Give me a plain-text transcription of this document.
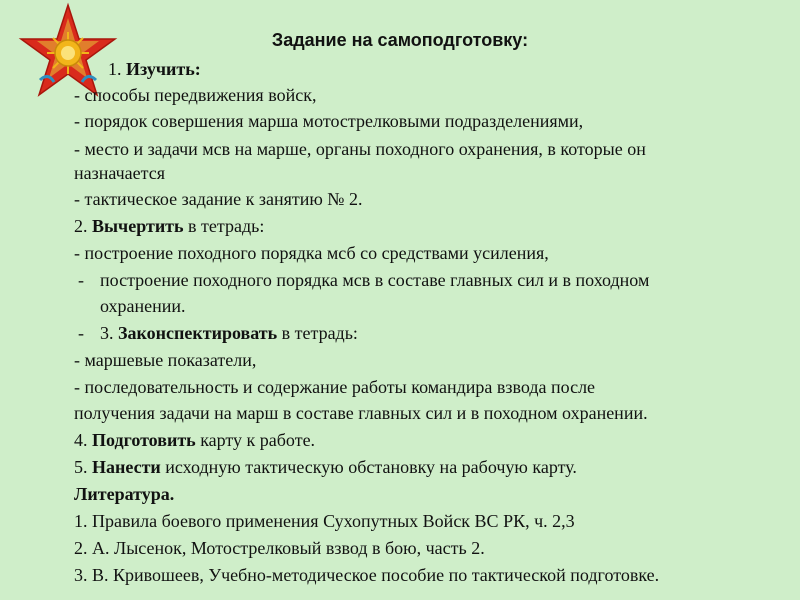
Задание на самоподготовку:
1. Изучить:
- способы передвижения войск,
- порядок совершения марша мотострелковыми подразделениями,
- место и задачи мсв на марше, органы походного охранения, в которые он
назначается
- тактическое задание к занятию № 2.
2. Вычертить в тетрадь:
- построение походного порядка мсб со средствами усиления,
- построение походного порядка мсв в составе главных сил и в походном
охранении.
- 3. Законспектировать в тетрадь:
- маршевые показатели,
- последовательность и содержание работы командира взвода после
получения задачи на марш в составе главных сил и в походном охранении.
4. Подготовить карту к работе.
5. Нанести исходную тактическую обстановку на рабочую карту.
Литература.
1. Правила боевого применения Сухопутных Войск ВС РК, ч. 2,3
2. А. Лысенок, Мотострелковый взвод в бою, часть 2.
3. В. Кривошеев, Учебно-методическое пособие по тактической подготовке.
